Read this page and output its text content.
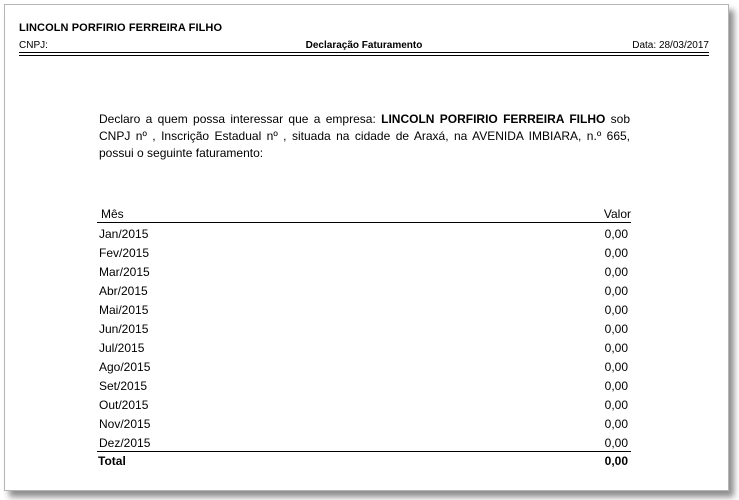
LINCOLN PORFIRIO FERREIRA FILHO
CNPJ:	Declaração Faturamento	Data: 28/03/2017
Declaro a quem possa interessar que a empresa: LINCOLN PORFIRIO FERREIRA FILHO sob CNPJ nº , Inscrição Estadual nº , situada na cidade de Araxá, na AVENIDA IMBIARA, n.º 665, possui o seguinte faturamento:
Mês	Valor
Jan/2015	0,00
Fev/2015	0,00
Mar/2015	0,00
Abr/2015	0,00
Mai/2015	0,00
Jun/2015	0,00
Jul/2015	0,00
Ago/2015	0,00
Set/2015	0,00
Out/2015	0,00
Nov/2015	0,00
Dez/2015	0,00
Total	0,00
